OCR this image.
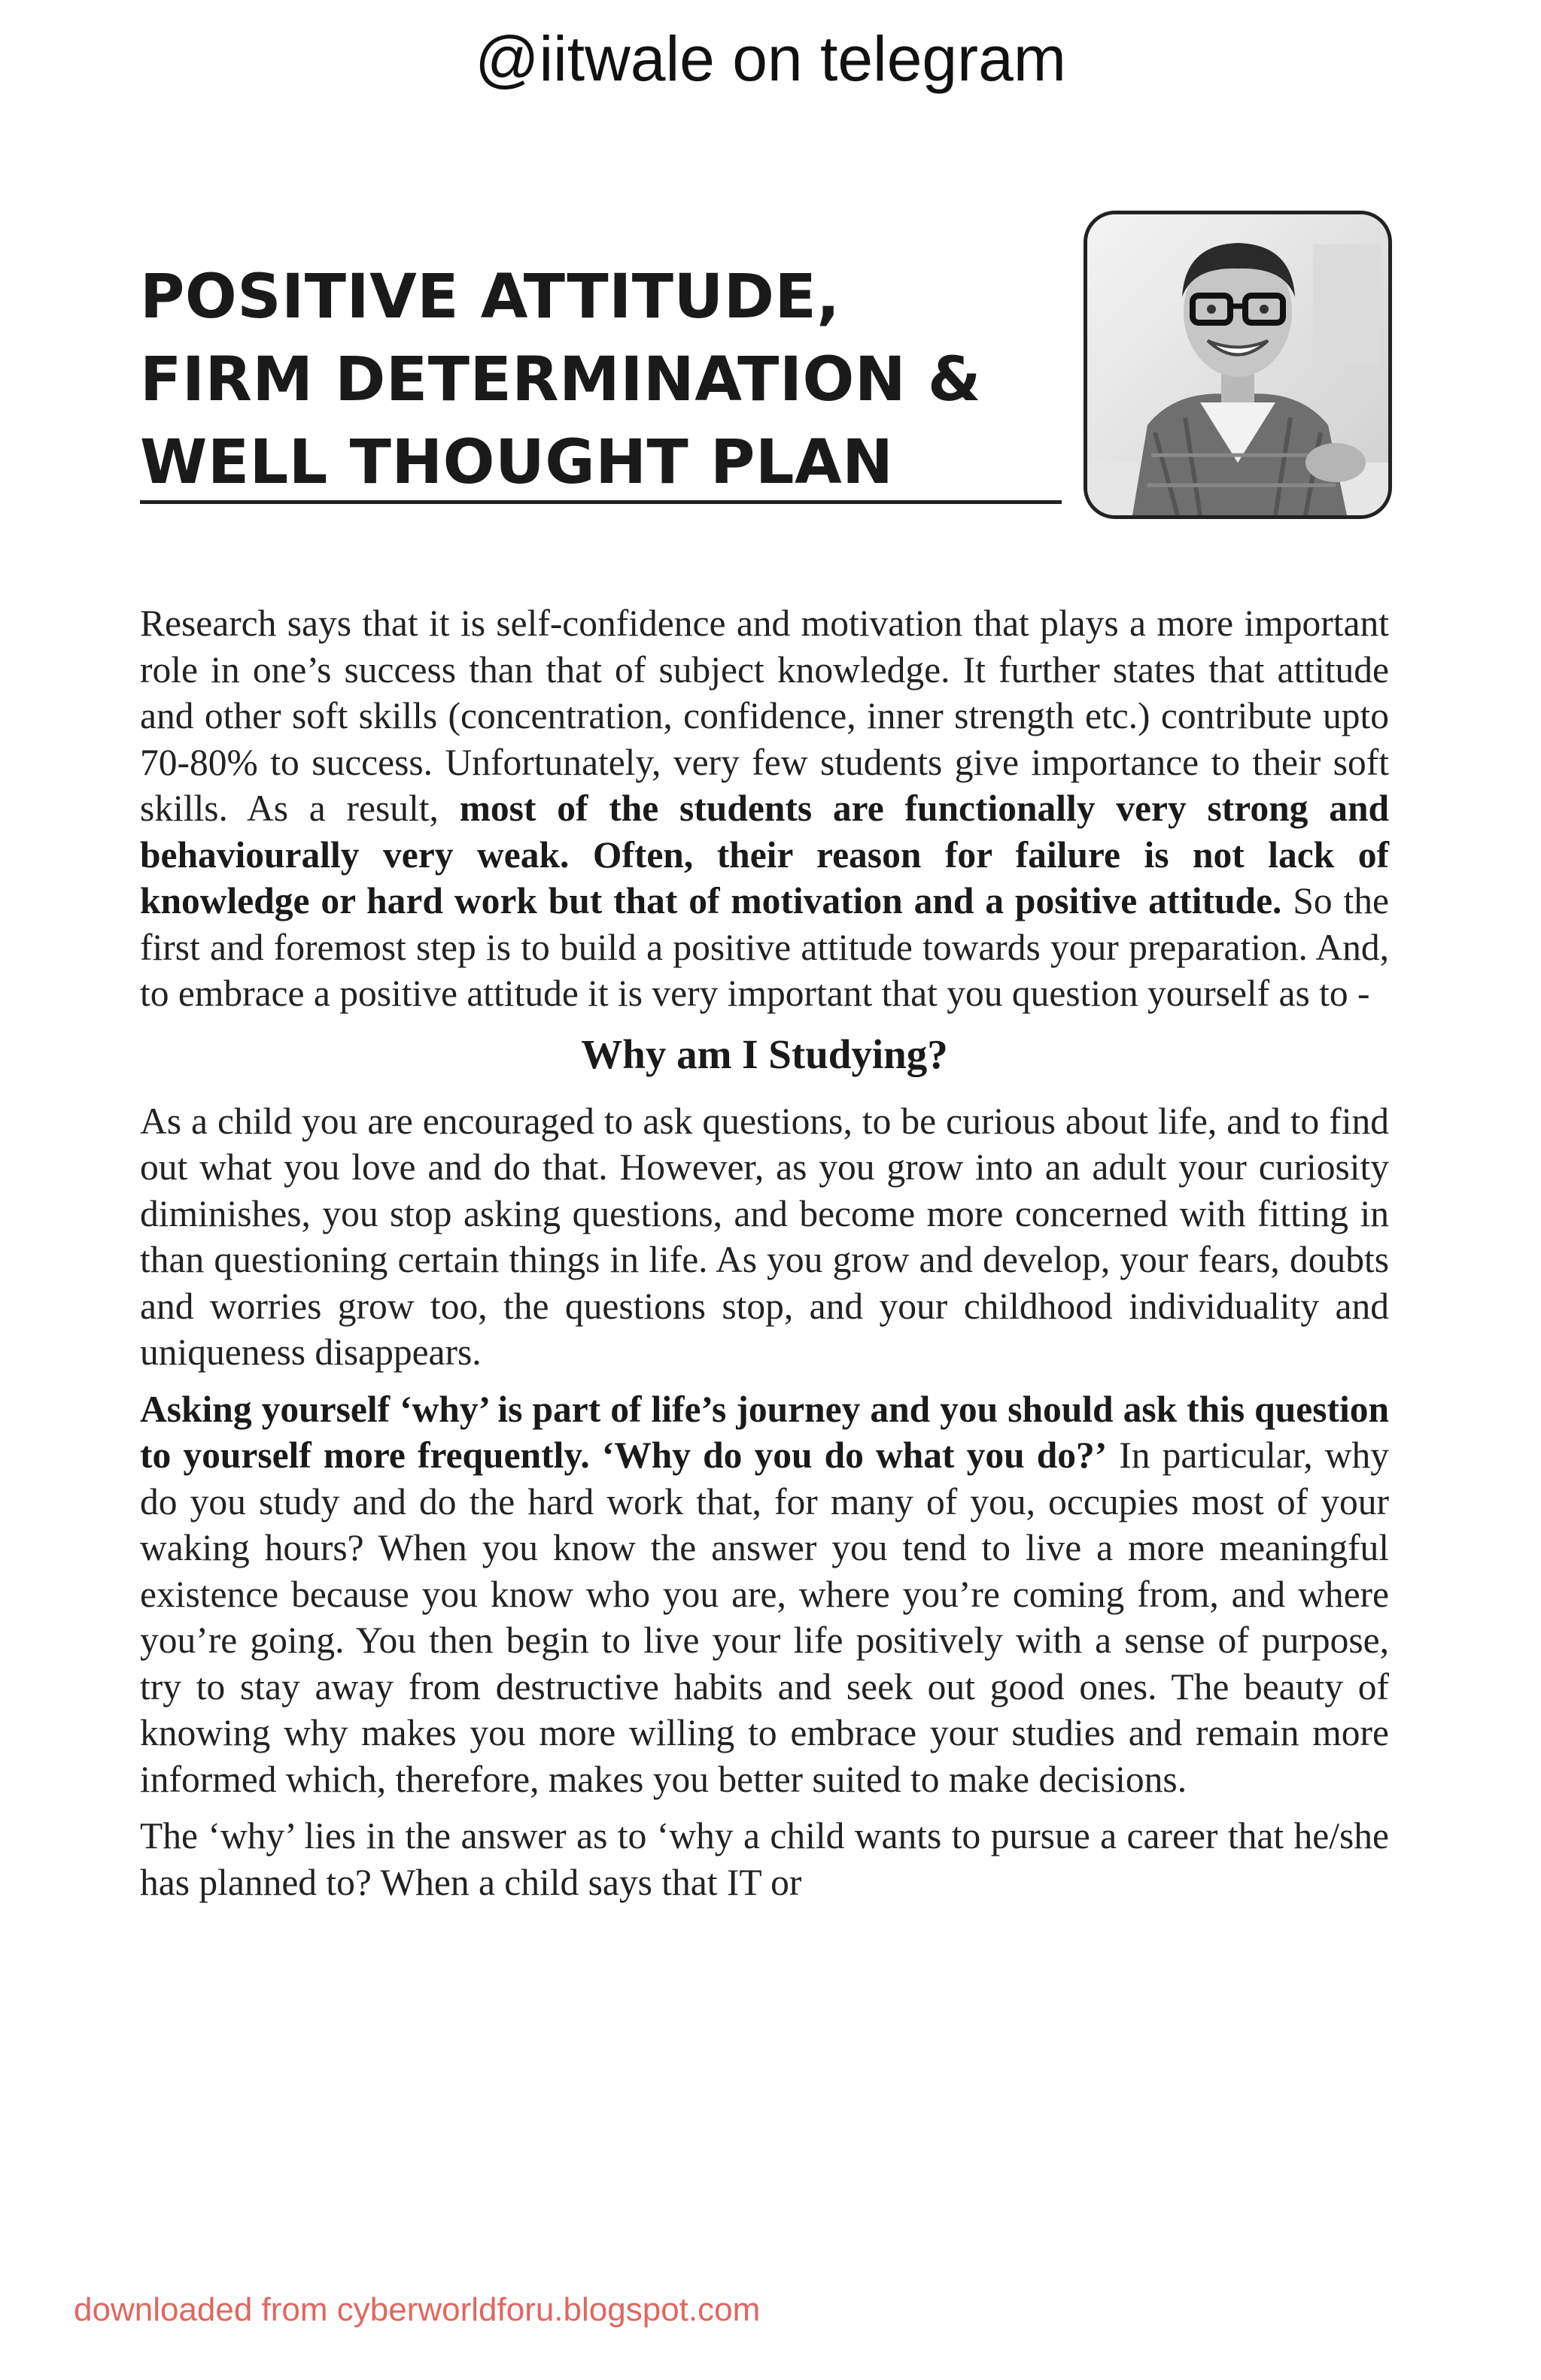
@iitwale on telegram
POSITIVE ATTITUDE,
FIRM DETERMINATION &
WELL THOUGHT PLAN

Research says that it is self-confidence and motivation that plays a more important role in one’s success than that of subject knowledge. It further states that attitude and other soft skills (concentration, confidence, inner strength etc.) contribute upto 70-80% to success. Unfortunately, very few students give importance to their soft skills. As a result, most of the students are functionally very strong and behaviourally very weak. Often, their reason for failure is not lack of knowledge or hard work but that of motivation and a positive attitude. So the first and foremost step is to build a positive attitude towards your preparation. And, to embrace a positive attitude it is very important that you question yourself as to -

Why am I Studying?

As a child you are encouraged to ask questions, to be curious about life, and to find out what you love and do that. However, as you grow into an adult your curiosity diminishes, you stop asking questions, and become more concerned with fitting in than questioning certain things in life. As you grow and develop, your fears, doubts and worries grow too, the questions stop, and your childhood individuality and uniqueness disappears.

Asking yourself ‘why’ is part of life’s journey and you should ask this question to yourself more frequently. ‘Why do you do what you do?’ In particular, why do you study and do the hard work that, for many of you, occupies most of your waking hours? When you know the answer you tend to live a more meaningful existence because you know who you are, where you’re coming from, and where you’re going. You then begin to live your life positively with a sense of purpose, try to stay away from destructive habits and seek out good ones. The beauty of knowing why makes you more willing to embrace your studies and remain more informed which, therefore, makes you better suited to make decisions.

The ‘why’ lies in the answer as to ‘why a child wants to pursue a career that he/she has planned to? When a child says that IT or

downloaded from cyberworldforu.blogspot.com
